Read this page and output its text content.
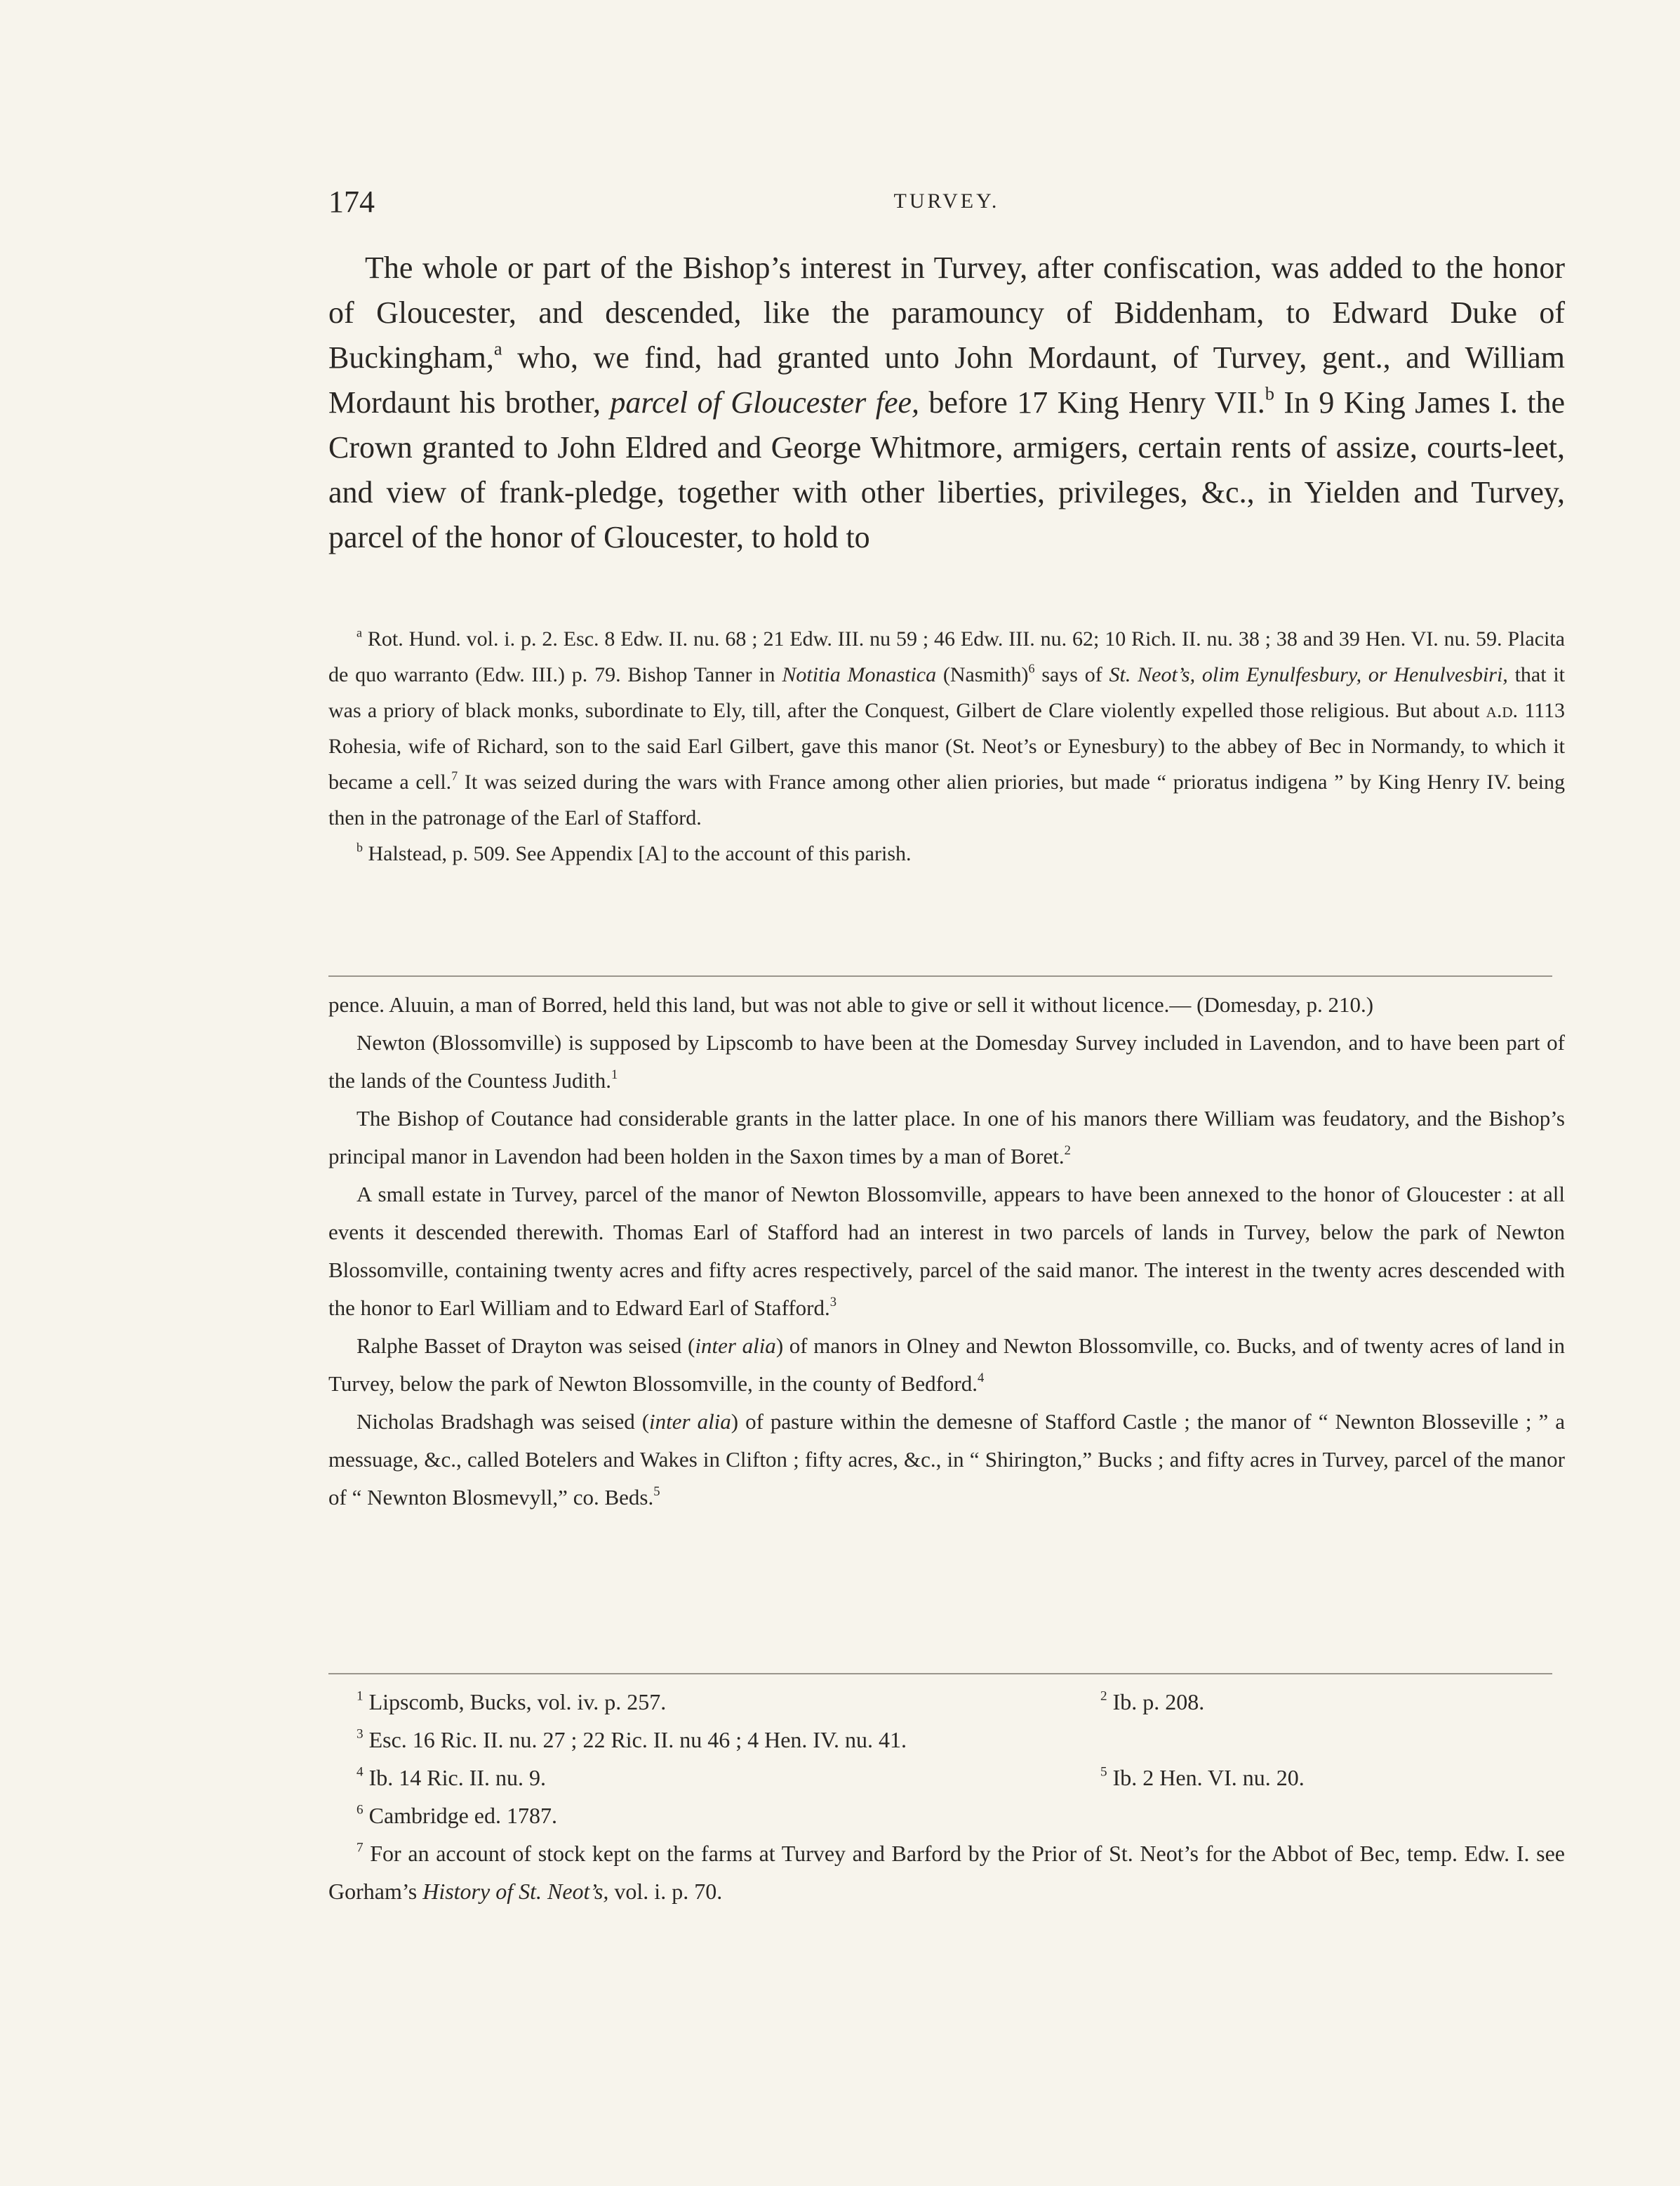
174	TURVEY.

The whole or part of the Bishop’s interest in Turvey, after confiscation, was added to the honor of Gloucester, and descended, like the paramouncy of Biddenham, to Edward Duke of Buckingham,$^a$ who, we find, had granted unto John Mordaunt, of Turvey, gent., and William Mordaunt his brother, parcel of Gloucester fee, before 17 King Henry VII.$^b$ In 9 King James I. the Crown granted to John Eldred and George Whitmore, armigers, certain rents of assize, courts-leet, and view of frank-pledge, together with other liberties, privileges, &c., in Yielden and Turvey, parcel of the honor of Gloucester, to hold to

$^a$ Rot. Hund. vol. i. p. 2. Esc. 8 Edw. II. nu. 68 ; 21 Edw. III. nu 59 ; 46 Edw. III. nu. 62; 10 Rich. II. nu. 38 ; 38 and 39 Hen. VI. nu. 59. Placita de quo warranto (Edw. III.) p. 79. Bishop Tanner in Notitia Monastica (Nasmith)$^6$ says of St. Neot’s, olim Eynulfesbury, or Henulvesbiri, that it was a priory of black monks, subordinate to Ely, till, after the Conquest, Gilbert de Clare violently expelled those religious. But about a.d. 1113 Rohesia, wife of Richard, son to the said Earl Gilbert, gave this manor (St. Neot’s or Eynesbury) to the abbey of Bec in Normandy, to which it became a cell.$^7$ It was seized during the wars with France among other alien priories, but made “ prioratus indigena ” by King Henry IV. being then in the patronage of the Earl of Stafford.

$^b$ Halstead, p. 509. See Appendix [A] to the account of this parish.

pence. Aluuin, a man of Borred, held this land, but was not able to give or sell it without licence.— (Domesday, p. 210.)

Newton (Blossomville) is supposed by Lipscomb to have been at the Domesday Survey included in Lavendon, and to have been part of the lands of the Countess Judith.$^1$

The Bishop of Coutance had considerable grants in the latter place. In one of his manors there William was feudatory, and the Bishop’s principal manor in Lavendon had been holden in the Saxon times by a man of Boret.$^2$

A small estate in Turvey, parcel of the manor of Newton Blossomville, appears to have been annexed to the honor of Gloucester : at all events it descended therewith. Thomas Earl of Stafford had an interest in two parcels of lands in Turvey, below the park of Newton Blossomville, containing twenty acres and fifty acres respectively, parcel of the said manor. The interest in the twenty acres descended with the honor to Earl William and to Edward Earl of Stafford.$^3$

Ralphe Basset of Drayton was seised (inter alia) of manors in Olney and Newton Blossomville, co. Bucks, and of twenty acres of land in Turvey, below the park of Newton Blossomville, in the county of Bedford.$^4$

Nicholas Bradshagh was seised (inter alia) of pasture within the demesne of Stafford Castle ; the manor of “ Newnton Blosseville ; ” a messuage, &c., called Botelers and Wakes in Clifton ; fifty acres, &c., in “ Shirington,” Bucks ; and fifty acres in Turvey, parcel of the manor of “ Newnton Blosmevyll,” co. Beds.$^5$

$^1$ Lipscomb, Bucks, vol. iv. p. 257.	$^2$ Ib. p. 208.
$^3$ Esc. 16 Ric. II. nu. 27 ; 22 Ric. II. nu 46 ; 4 Hen. IV. nu. 41.
$^4$ Ib. 14 Ric. II. nu. 9.	$^5$ Ib. 2 Hen. VI. nu. 20.
$^6$ Cambridge ed. 1787.

$^7$ For an account of stock kept on the farms at Turvey and Barford by the Prior of St. Neot’s for the Abbot of Bec, temp. Edw. I. see Gorham’s History of St. Neot’s, vol. i. p. 70.
